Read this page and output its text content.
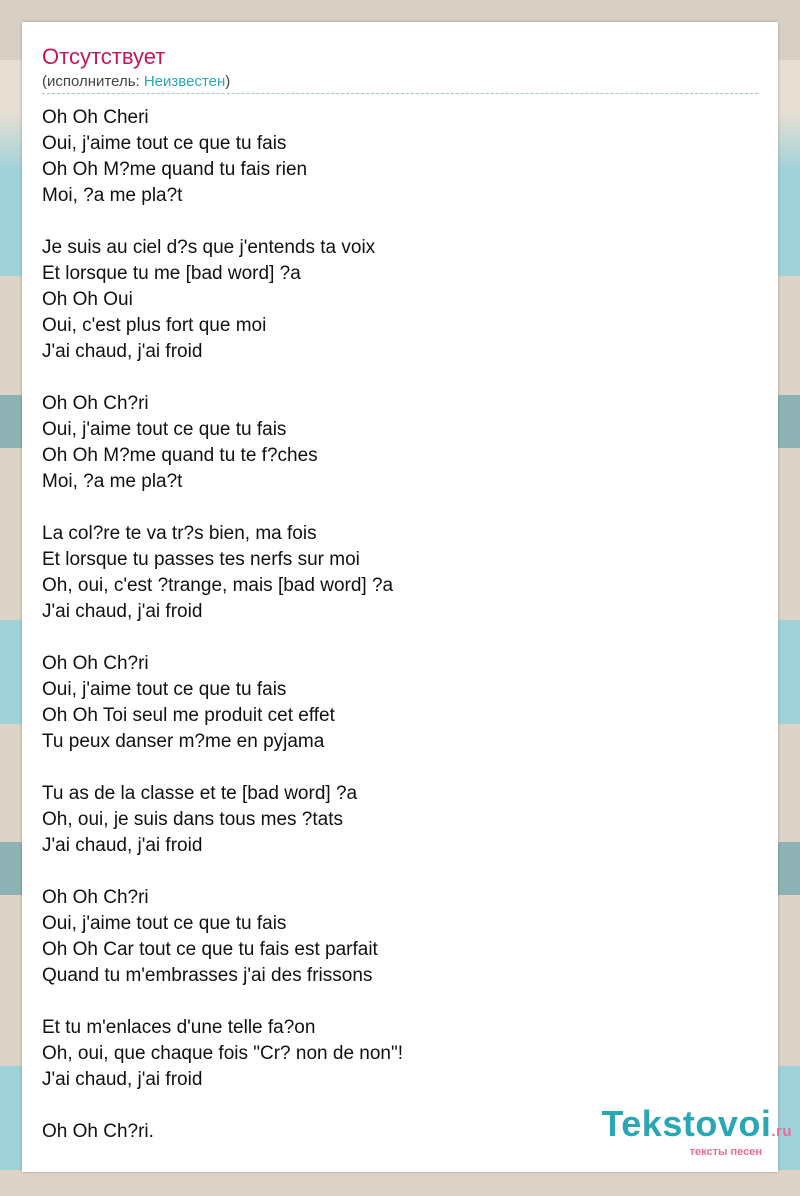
Отсутствует
(исполнитель: Неизвестен)
Oh Oh Cheri
Oui, j'aime tout ce que tu fais
Oh Oh M?me quand tu fais rien
Moi, ?a me pla?t
Je suis au ciel d?s que j'entends ta voix
Et lorsque tu me [bad word] ?a
Oh Oh Oui
Oui, c'est plus fort que moi
J'ai chaud, j'ai froid
Oh Oh Ch?ri
Oui, j'aime tout ce que tu fais
Oh Oh M?me quand tu te f?ches
Moi, ?a me pla?t
La col?re te va tr?s bien, ma fois
Et lorsque tu passes tes nerfs sur moi
Oh, oui, c'est ?trange, mais [bad word] ?a
J'ai chaud, j'ai froid
Oh Oh Ch?ri
Oui, j'aime tout ce que tu fais
Oh Oh Toi seul me produit cet effet
Tu peux danser m?me en pyjama
Tu as de la classe et te [bad word] ?a
Oh, oui, je suis dans tous mes ?tats
J'ai chaud, j'ai froid
Oh Oh Ch?ri
Oui, j'aime tout ce que tu fais
Oh Oh Car tout ce que tu fais est parfait
Quand tu m'embrasses j'ai des frissons
Et tu m'enlaces d'une telle fa?on
Oh, oui, que chaque fois "Cr? non de non"!
J'ai chaud, j'ai froid
Oh Oh Ch?ri.	Tekstovoi.ru
тексты песен
